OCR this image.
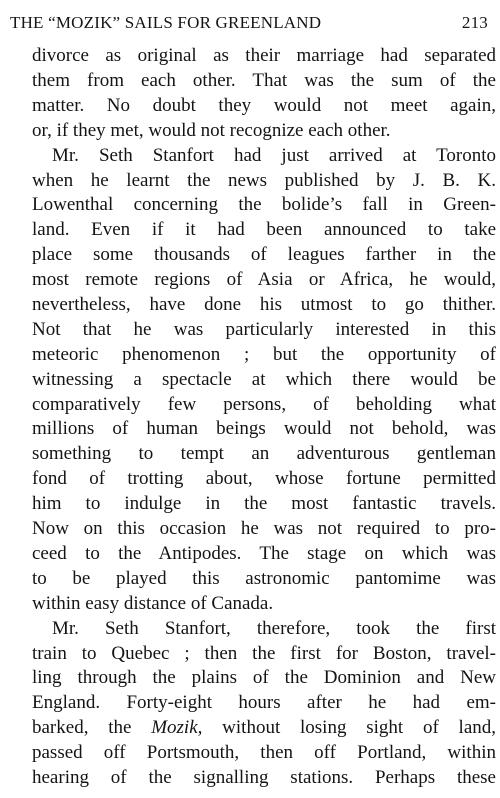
THE “MOZIK” SAILS FOR GREENLAND	213
divorce as original as their marriage had separated
them from each other. That was the sum of the
matter. No doubt they would not meet again,
or, if they met, would not recognize each other.
Mr. Seth Stanfort had just arrived at Toronto
when he learnt the news published by J. B. K.
Lowenthal concerning the bolide’s fall in Green-
land. Even if it had been announced to take
place some thousands of leagues farther in the
most remote regions of Asia or Africa, he would,
nevertheless, have done his utmost to go thither.
Not that he was particularly interested in this
meteoric phenomenon ; but the opportunity of
witnessing a spectacle at which there would be
comparatively few persons, of beholding what
millions of human beings would not behold, was
something to tempt an adventurous gentleman
fond of trotting about, whose fortune permitted
him to indulge in the most fantastic travels.
Now on this occasion he was not required to pro-
ceed to the Antipodes. The stage on which was
to be played this astronomic pantomime was
within easy distance of Canada.
Mr. Seth Stanfort, therefore, took the first
train to Quebec ; then the first for Boston, travel-
ling through the plains of the Dominion and New
England. Forty-eight hours after he had em-
barked, the Mozik, without losing sight of land,
passed off Portsmouth, then off Portland, within
hearing of the signalling stations. Perhaps these
